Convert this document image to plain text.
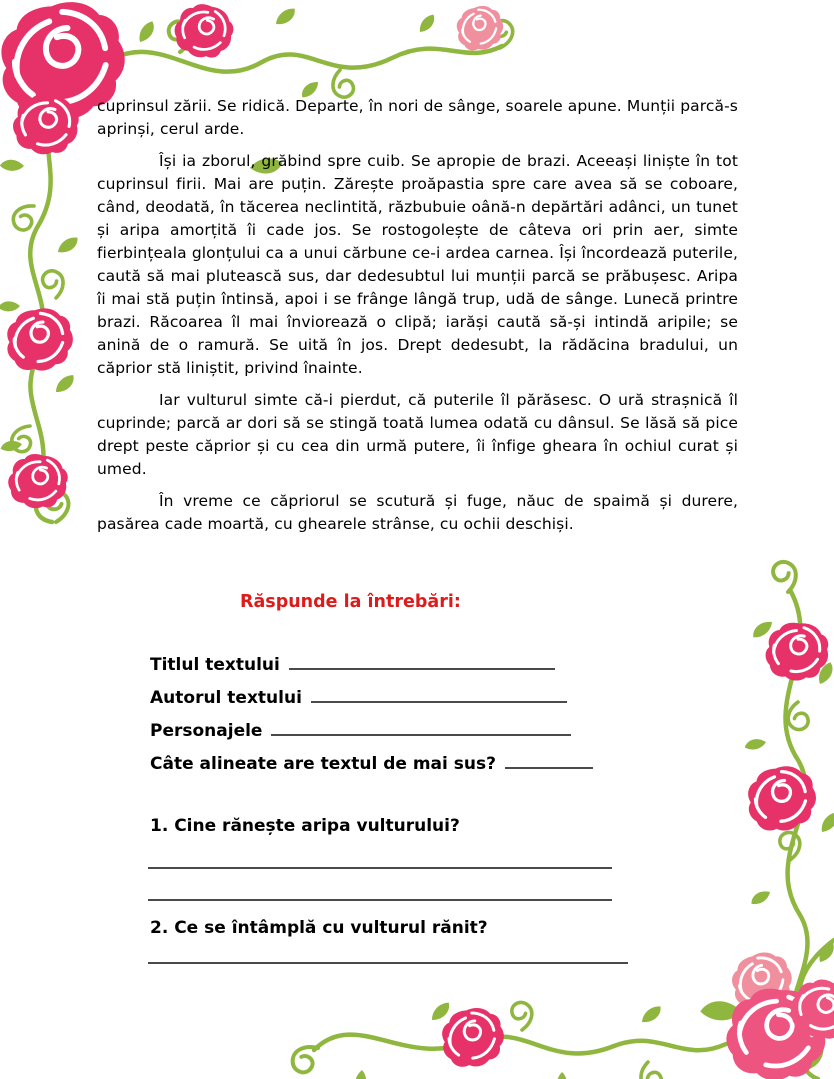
cuprinsul zării. Se ridică. Departe, în nori de sânge, soarele apune. Munții parcă-s aprinși, cerul arde.

Își ia zborul, grăbind spre cuib. Se apropie de brazi. Aceeași liniște în tot cuprinsul firii. Mai are puțin. Zărește proăpastia spre care avea să se coboare, când, deodată, în tăcerea neclintită, răzbubuie oână-n depărtări adânci, un tunet și aripa amorțită îi cade jos. Se rostogolește de câteva ori prin aer, simte fierbințeala glonțului ca a unui cărbune ce-i ardea carnea. Își încordează puterile, caută să mai plutească sus, dar dedesubtul lui munții parcă se prăbușesc. Aripa îi mai stă puțin întinsă, apoi i se frânge lângă trup, udă de sânge. Lunecă printre brazi. Răcoarea îl mai înviorează o clipă; iarăși caută să-și intindă aripile; se anină de o ramură. Se uită în jos. Drept dedesubt, la rădăcina bradului, un căprior stă liniștit, privind înainte.

Iar vulturul simte că-i pierdut, că puterile îl părăsesc. O ură strașnică îl cuprinde; parcă ar dori să se stingă toată lumea odată cu dânsul. Se lăsă să pice drept peste căprior și cu cea din urmă putere, îi înfige gheara în ochiul curat și umed.

În vreme ce căpriorul se scutură și fuge, năuc de spaimă și durere, pasărea cade moartă, cu ghearele strânse, cu ochii deschiși.

Răspunde la întrebări:
Titlul textului
Autorul textului
Personajele
Câte alineate are textul de mai sus?
1. Cine rănește aripa vulturului?
2. Ce se întâmplă cu vulturul rănit?
